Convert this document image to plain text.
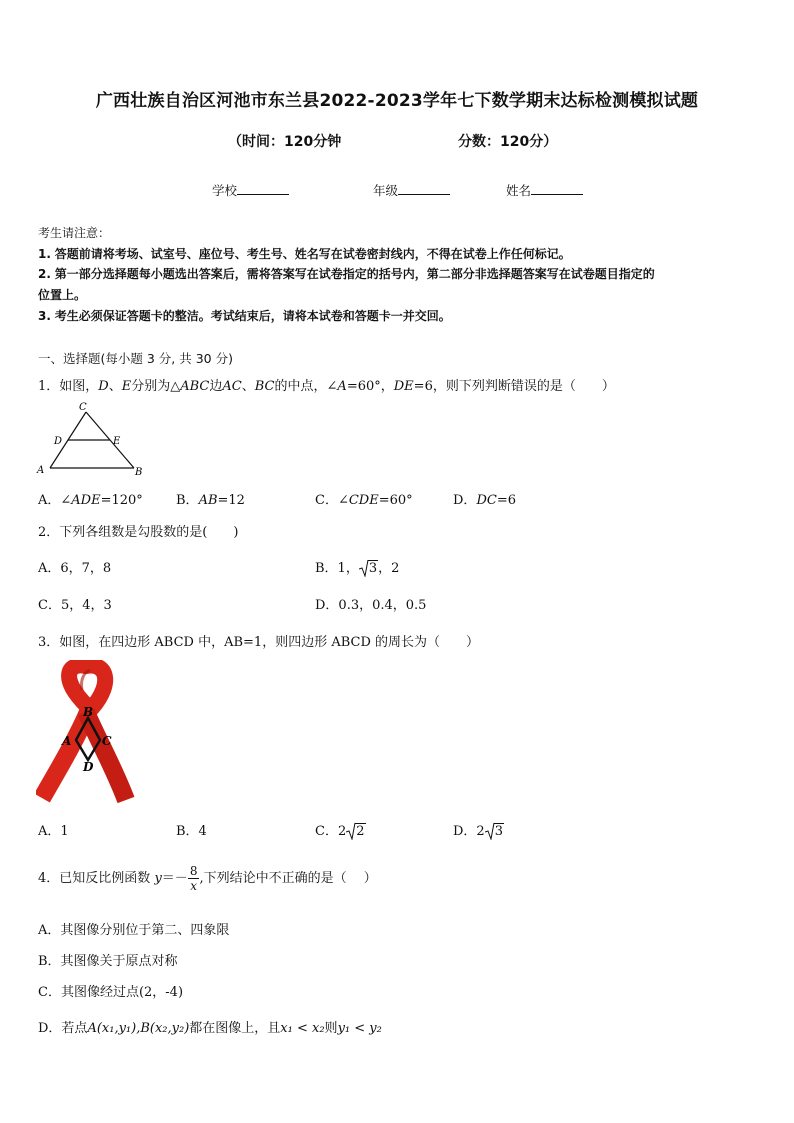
广西壮族自治区河池市东兰县2022-2023学年七下数学期末达标检测模拟试题
（时间：120分钟	分数：120分）
学校	年级	姓名
考生请注意：
1. 答题前请将考场、试室号、座位号、考生号、姓名写在试卷密封线内，不得在试卷上作任何标记。
2. 第一部分选择题每小题选出答案后，需将答案写在试卷指定的括号内，第二部分非选择题答案写在试卷题目指定的
位置上。
3. 考生必须保证答题卡的整洁。考试结束后，请将本试卷和答题卡一并交回。
一、选择题(每小题 3 分, 共 30 分)
1．如图，D、E分别为△ABC边AC、BC的中点，∠A=60°，DE=6，则下列判断错误的是（　　）
C
D	E
A	B
A．∠ADE=120°	B．AB=12	C．∠CDE=60°	D．DC=6
2．下列各组数是勾股数的是(　　)
A．6，7，8	B．1， 3，2
C．5，4，3	D．0.3，0.4，0.5
3．如图，在四边形 ABCD 中，AB=1，则四边形 ABCD 的周长为（　　）
B
A	C
D
A．1	B．4	C．2 2	D．2 3
4．已知反比例函数 $y=- \frac{8}{x}$ ,下列结论中不正确的是（　 ）
A．其图像分别位于第二、四象限
B．其图像关于原点对称
C．其图像经过点(2，-4)
D．若点A(x₁,y₁),B(x₂,y₂)都在图像上，且x₁ < x₂则y₁ < y₂
